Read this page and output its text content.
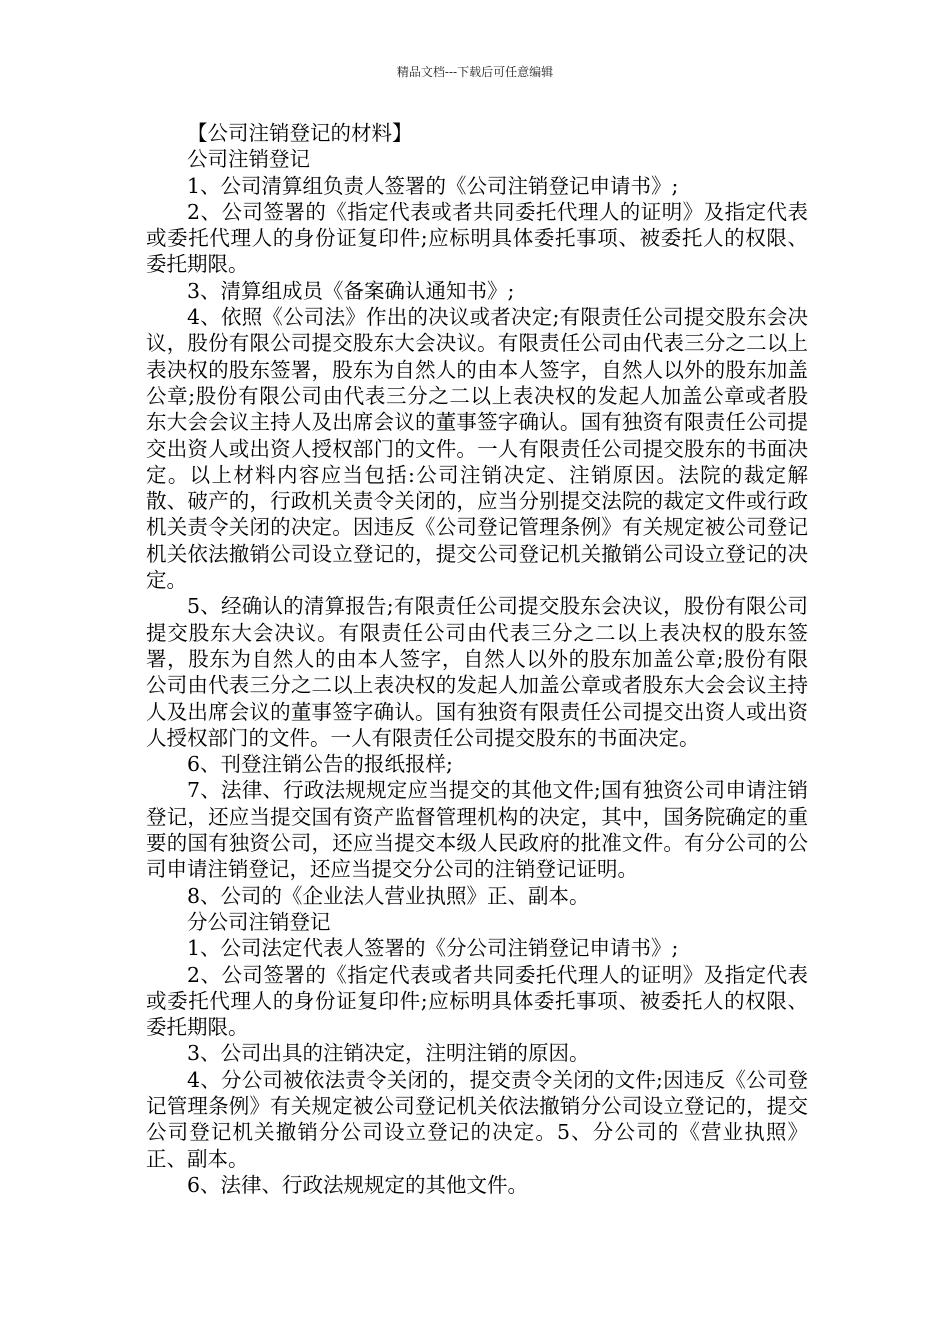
精品文档---下载后可任意编辑

【公司注销登记的材料】

公司注销登记

1、公司清算组负责人签署的《公司注销登记申请书》;

2、公司签署的《指定代表或者共同委托代理人的证明》及指定代表或委托代理人的身份证复印件;应标明具体委托事项、被委托人的权限、委托期限。

3、清算组成员《备案确认通知书》;

4、依照《公司法》作出的决议或者决定;有限责任公司提交股东会决议，股份有限公司提交股东大会决议。有限责任公司由代表三分之二以上表决权的股东签署，股东为自然人的由本人签字，自然人以外的股东加盖公章;股份有限公司由代表三分之二以上表决权的发起人加盖公章或者股东大会会议主持人及出席会议的董事签字确认。国有独资有限责任公司提交出资人或出资人授权部门的文件。一人有限责任公司提交股东的书面决定。以上材料内容应当包括:公司注销决定、注销原因。法院的裁定解散、破产的，行政机关责令关闭的，应当分别提交法院的裁定文件或行政机关责令关闭的决定。因违反《公司登记管理条例》有关规定被公司登记机关依法撤销公司设立登记的，提交公司登记机关撤销公司设立登记的决定。

5、经确认的清算报告;有限责任公司提交股东会决议，股份有限公司提交股东大会决议。有限责任公司由代表三分之二以上表决权的股东签署，股东为自然人的由本人签字，自然人以外的股东加盖公章;股份有限公司由代表三分之二以上表决权的发起人加盖公章或者股东大会会议主持人及出席会议的董事签字确认。国有独资有限责任公司提交出资人或出资人授权部门的文件。一人有限责任公司提交股东的书面决定。

6、刊登注销公告的报纸报样;

7、法律、行政法规规定应当提交的其他文件;国有独资公司申请注销登记，还应当提交国有资产监督管理机构的决定，其中，国务院确定的重要的国有独资公司，还应当提交本级人民政府的批准文件。有分公司的公司申请注销登记，还应当提交分公司的注销登记证明。

8、公司的《企业法人营业执照》正、副本。

分公司注销登记

1、公司法定代表人签署的《分公司注销登记申请书》;

2、公司签署的《指定代表或者共同委托代理人的证明》及指定代表或委托代理人的身份证复印件;应标明具体委托事项、被委托人的权限、委托期限。

3、公司出具的注销决定，注明注销的原因。

4、分公司被依法责令关闭的，提交责令关闭的文件;因违反《公司登记管理条例》有关规定被公司登记机关依法撤销分公司设立登记的，提交公司登记机关撤销分公司设立登记的决定。5、分公司的《营业执照》正、副本。

6、法律、行政法规规定的其他文件。
